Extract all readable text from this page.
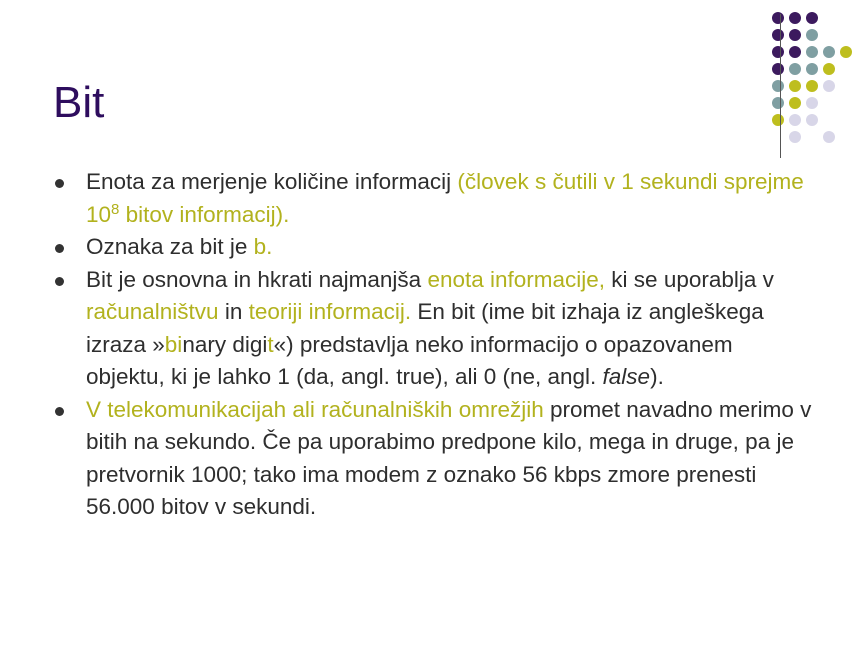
Bit
Enota za merjenje količine informacij (človek s čutili v 1 sekundi sprejme $10^8$ bitov informacij).
Oznaka za bit je b.
Bit je osnovna in hkrati najmanjša enota informacije, ki se uporablja v računalništvu in teoriji informacij. En bit (ime bit izhaja iz angleškega izraza »binary digit«) predstavlja neko informacijo o opazovanem objektu, ki je lahko 1 (da, angl. true), ali 0 (ne, angl. false).
V telekomunikacijah ali računalniških omrežjih promet navadno merimo v bitih na sekundo. Če pa uporabimo predpone kilo, mega in druge, pa je pretvornik 1000; tako ima modem z oznako 56 kbps zmore prenesti 56.000 bitov v sekundi.
